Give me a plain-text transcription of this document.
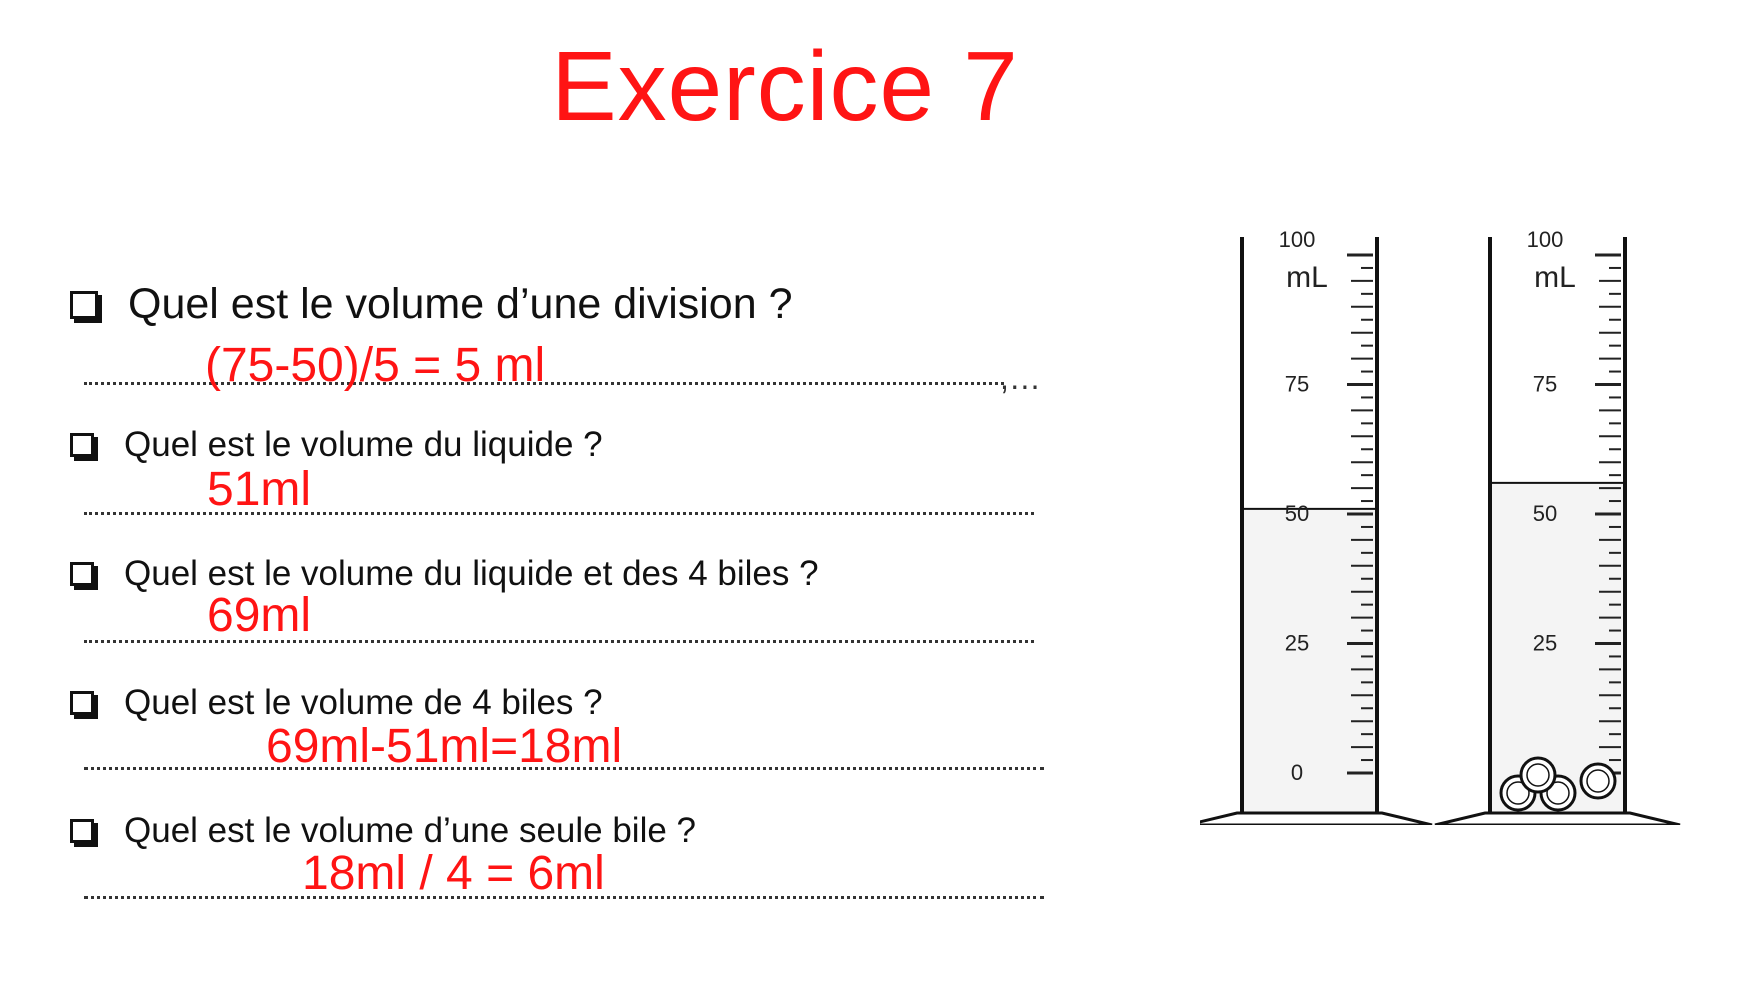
Exercice 7
Quel est le volume d’une division ?
,…
(75-50)/5 = 5 ml
Quel est le volume du liquide ?
51ml
Quel est le volume du liquide et des 4 biles ?
69ml
Quel est le volume de 4 biles ?
69ml-51ml=18ml
Quel est le volume d’une seule bile ?
18ml / 4 = 6ml
100
75
50
25
0
mL
100
75
50
25
mL
